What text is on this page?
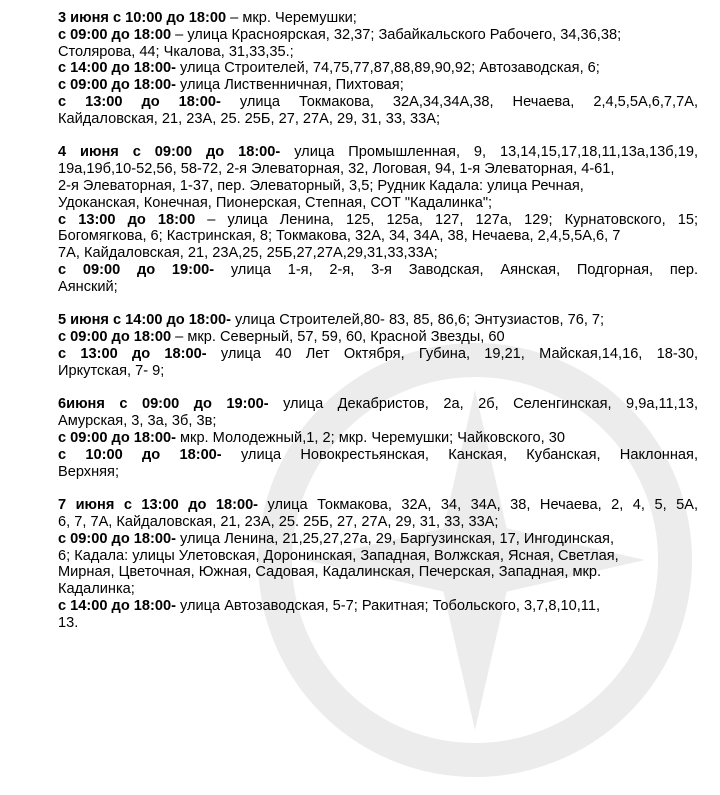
3 июня с 10:00 до 18:00 – мкр. Черемушки;
с 09:00 до 18:00 – улица Красноярская, 32,37; Забайкальского Рабочего, 34,36,38;
Столярова, 44; Чкалова, 31,33,35.;
с 14:00 до 18:00- улица Строителей, 74,75,77,87,88,89,90,92; Автозаводская, 6;
с 09:00 до 18:00- улица Лиственничная, Пихтовая;
с 13:00 до 18:00- улица Токмакова, 32А,34,34А,38, Нечаева, 2,4,5,5А,6,7,7А,
Кайдаловская, 21, 23А, 25. 25Б, 27, 27А, 29, 31, 33, 33А;
4 июня с 09:00 до 18:00- улица Промышленная, 9, 13,14,15,17,18,11,13а,13б,19,
19а,19б,10-52,56, 58-72, 2-я Элеваторная, 32, Логовая, 94, 1-я Элеваторная, 4-61,
2-я Элеваторная, 1-37, пер. Элеваторный, 3,5; Рудник Кадала: улица Речная,
Удоканская, Конечная, Пионерская, Степная, СОТ "Кадалинка";
с 13:00 до 18:00 – улица Ленина, 125, 125а, 127, 127а, 129; Курнатовского, 15;
Богомягкова, 6; Кастринская, 8; Токмакова, 32А, 34, 34А, 38, Нечаева, 2,4,5,5А,6, 7
7А, Кайдаловская, 21, 23А,25, 25Б,27,27А,29,31,33,33А;
с 09:00 до 19:00- улица 1-я, 2-я, 3-я Заводская, Аянская, Подгорная, пер.
Аянский;
5 июня с 14:00 до 18:00- улица Строителей,80- 83, 85, 86,6; Энтузиастов, 76, 7;
с 09:00 до 18:00 – мкр. Северный, 57, 59, 60, Красной Звезды, 60
с 13:00 до 18:00- улица 40 Лет Октября, Губина, 19,21, Майская,14,16, 18-30,
Иркутская, 7- 9;
6июня с 09:00 до 19:00- улица Декабристов, 2а, 2б, Селенгинская, 9,9а,11,13,
Амурская, 3, 3а, 3б, 3в;
с 09:00 до 18:00- мкр. Молодежный,1, 2; мкр. Черемушки; Чайковского, 30
с 10:00 до 18:00- улица Новокрестьянская, Канская, Кубанская, Наклонная,
Верхняя;
7 июня с 13:00 до 18:00- улица Токмакова, 32А, 34, 34А, 38, Нечаева, 2, 4, 5, 5А,
6, 7, 7А, Кайдаловская, 21, 23А, 25. 25Б, 27, 27А, 29, 31, 33, 33А;
с 09:00 до 18:00- улица Ленина, 21,25,27,27а, 29, Баргузинская, 17, Ингодинская,
6; Кадала: улицы Улетовская, Доронинская, Западная, Волжская, Ясная, Светлая,
Мирная, Цветочная, Южная, Садовая, Кадалинская, Печерская, Западная, мкр.
Кадалинка;
с 14:00 до 18:00- улица Автозаводская, 5-7; Ракитная; Тобольского, 3,7,8,10,11,
13.
